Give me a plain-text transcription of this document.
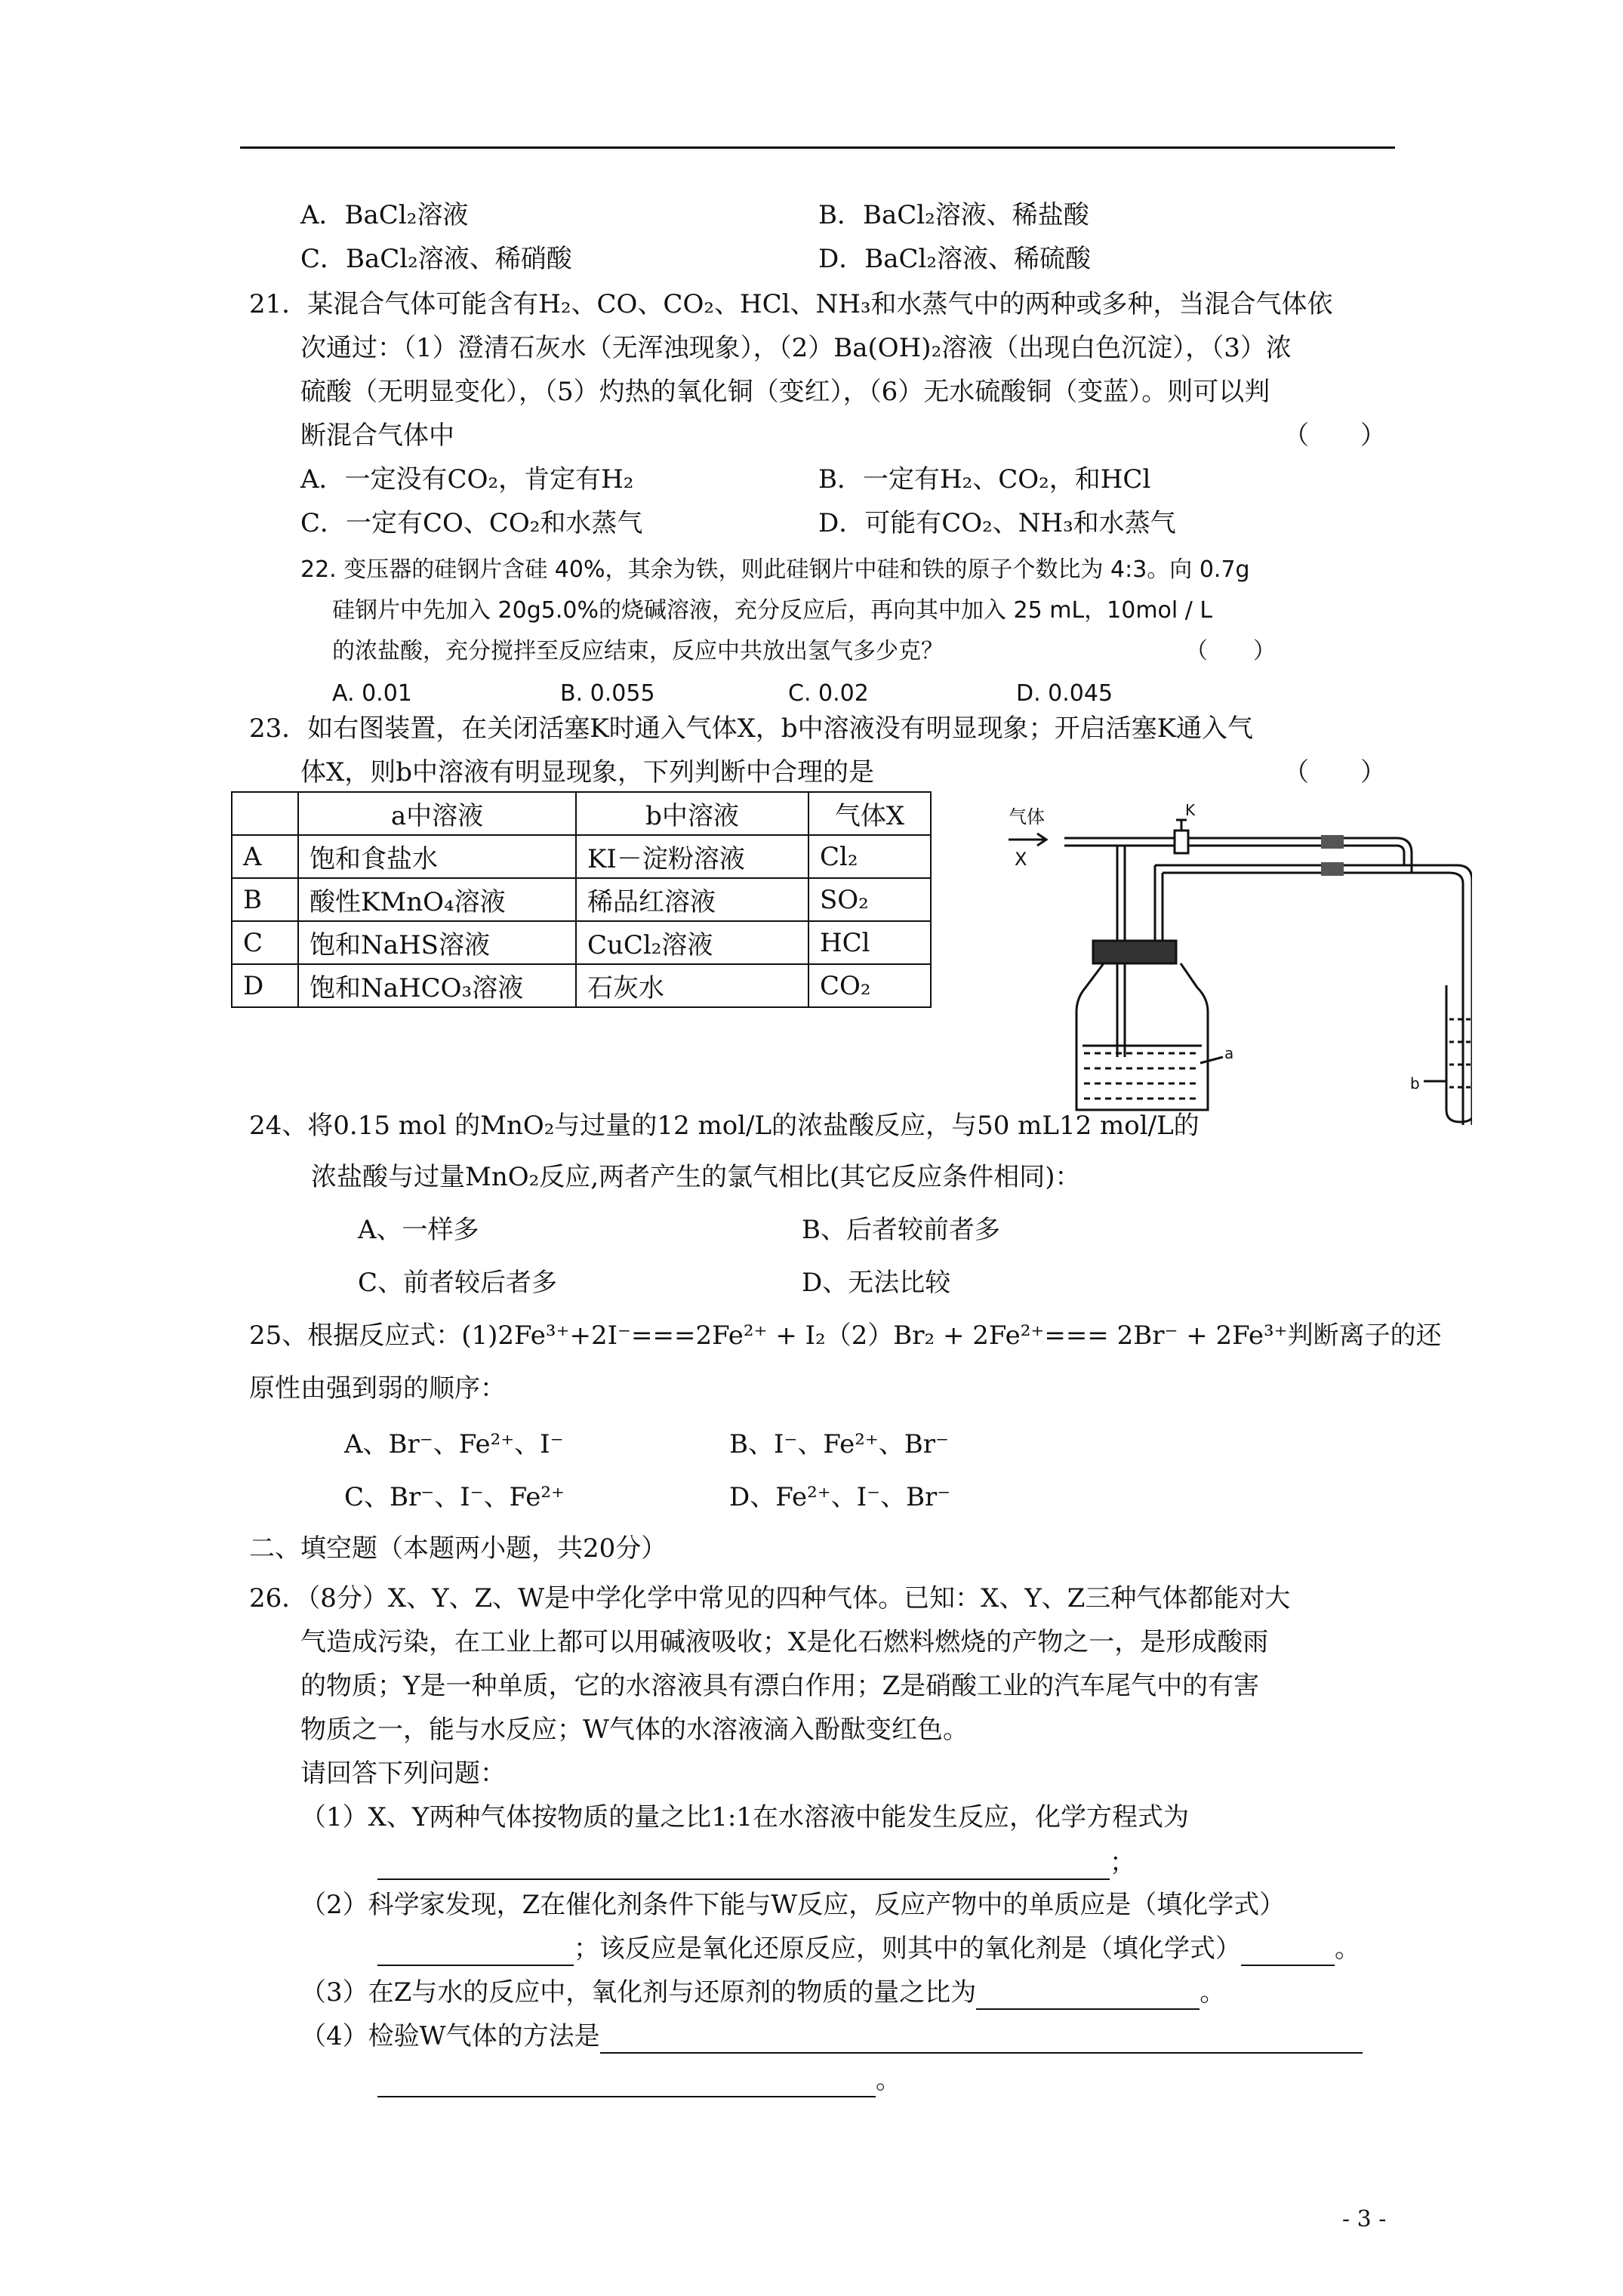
A．BaCl₂溶液	B．BaCl₂溶液、稀盐酸
C．BaCl₂溶液、稀硝酸	D．BaCl₂溶液、稀硫酸
21．某混合气体可能含有H₂、CO、CO₂、HCl、NH₃和水蒸气中的两种或多种，当混合气体依
次通过：（1）澄清石灰水（无浑浊现象），（2）Ba(OH)₂溶液（出现白色沉淀），（3）浓
硫酸（无明显变化），（5）灼热的氧化铜（变红），（6）无水硫酸铜（变蓝）。则可以判
断混合气体中	（　　）
A．一定没有CO₂，肯定有H₂	B．一定有H₂、CO₂，和HCl
C．一定有CO、CO₂和水蒸气	D．可能有CO₂、NH₃和水蒸气
22. 变压器的硅钢片含硅 40%，其余为铁，则此硅钢片中硅和铁的原子个数比为 4:3。向 0.7g
硅钢片中先加入 20g5.0%的烧碱溶液，充分反应后，再向其中加入 25 mL，10mol / L
的浓盐酸，充分搅拌至反应结束，反应中共放出氢气多少克？	（　　）
A. 0.01	B. 0.055	C. 0.02	D. 0.045
23．如右图装置，在关闭活塞K时通入气体X，b中溶液没有明显现象；开启活塞K通入气
体X，则b中溶液有明显现象，下列判断中合理的是	（　　）
	a中溶液	b中溶液	气体X
A	饱和食盐水	KI－淀粉溶液	Cl₂
B	酸性KMnO₄溶液	稀品红溶液	SO₂
C	饱和NaHS溶液	CuCl₂溶液	HCl
D	饱和NaHCO₃溶液	石灰水	CO₂
气体
X
K
a
b
24、将0.15 mol 的MnO₂与过量的12 mol/L的浓盐酸反应，与50 mL12 mol/L的
浓盐酸与过量MnO₂反应,两者产生的氯气相比(其它反应条件相同)：
A、一样多	B、后者较前者多
C、前者较后者多	D、无法比较
25、根据反应式：(1)2Fe³⁺+2I⁻===2Fe²⁺ + I₂（2）Br₂ + 2Fe²⁺=== 2Br⁻ + 2Fe³⁺判断离子的还
原性由强到弱的顺序：
A、Br⁻、Fe²⁺、I⁻	B、I⁻、Fe²⁺、Br⁻
C、Br⁻、I⁻、Fe²⁺	D、Fe²⁺、I⁻、Br⁻
二、填空题（本题两小题，共20分）
26．（8分）X、Y、Z、W是中学化学中常见的四种气体。已知：X、Y、Z三种气体都能对大
气造成污染，在工业上都可以用碱液吸收；X是化石燃料燃烧的产物之一，是形成酸雨
的物质；Y是一种单质，它的水溶液具有漂白作用；Z是硝酸工业的汽车尾气中的有害
物质之一，能与水反应；W气体的水溶液滴入酚酞变红色。
请回答下列问题：
（1）X、Y两种气体按物质的量之比1:1在水溶液中能发生反应，化学方程式为
；
（2）科学家发现，Z在催化剂条件下能与W反应，反应产物中的单质应是（填化学式）
；该反应是氧化还原反应，则其中的氧化剂是（填化学式）	。
（3）在Z与水的反应中，氧化剂与还原剂的物质的量之比为	。
（4）检验W气体的方法是
。
- 3 -
